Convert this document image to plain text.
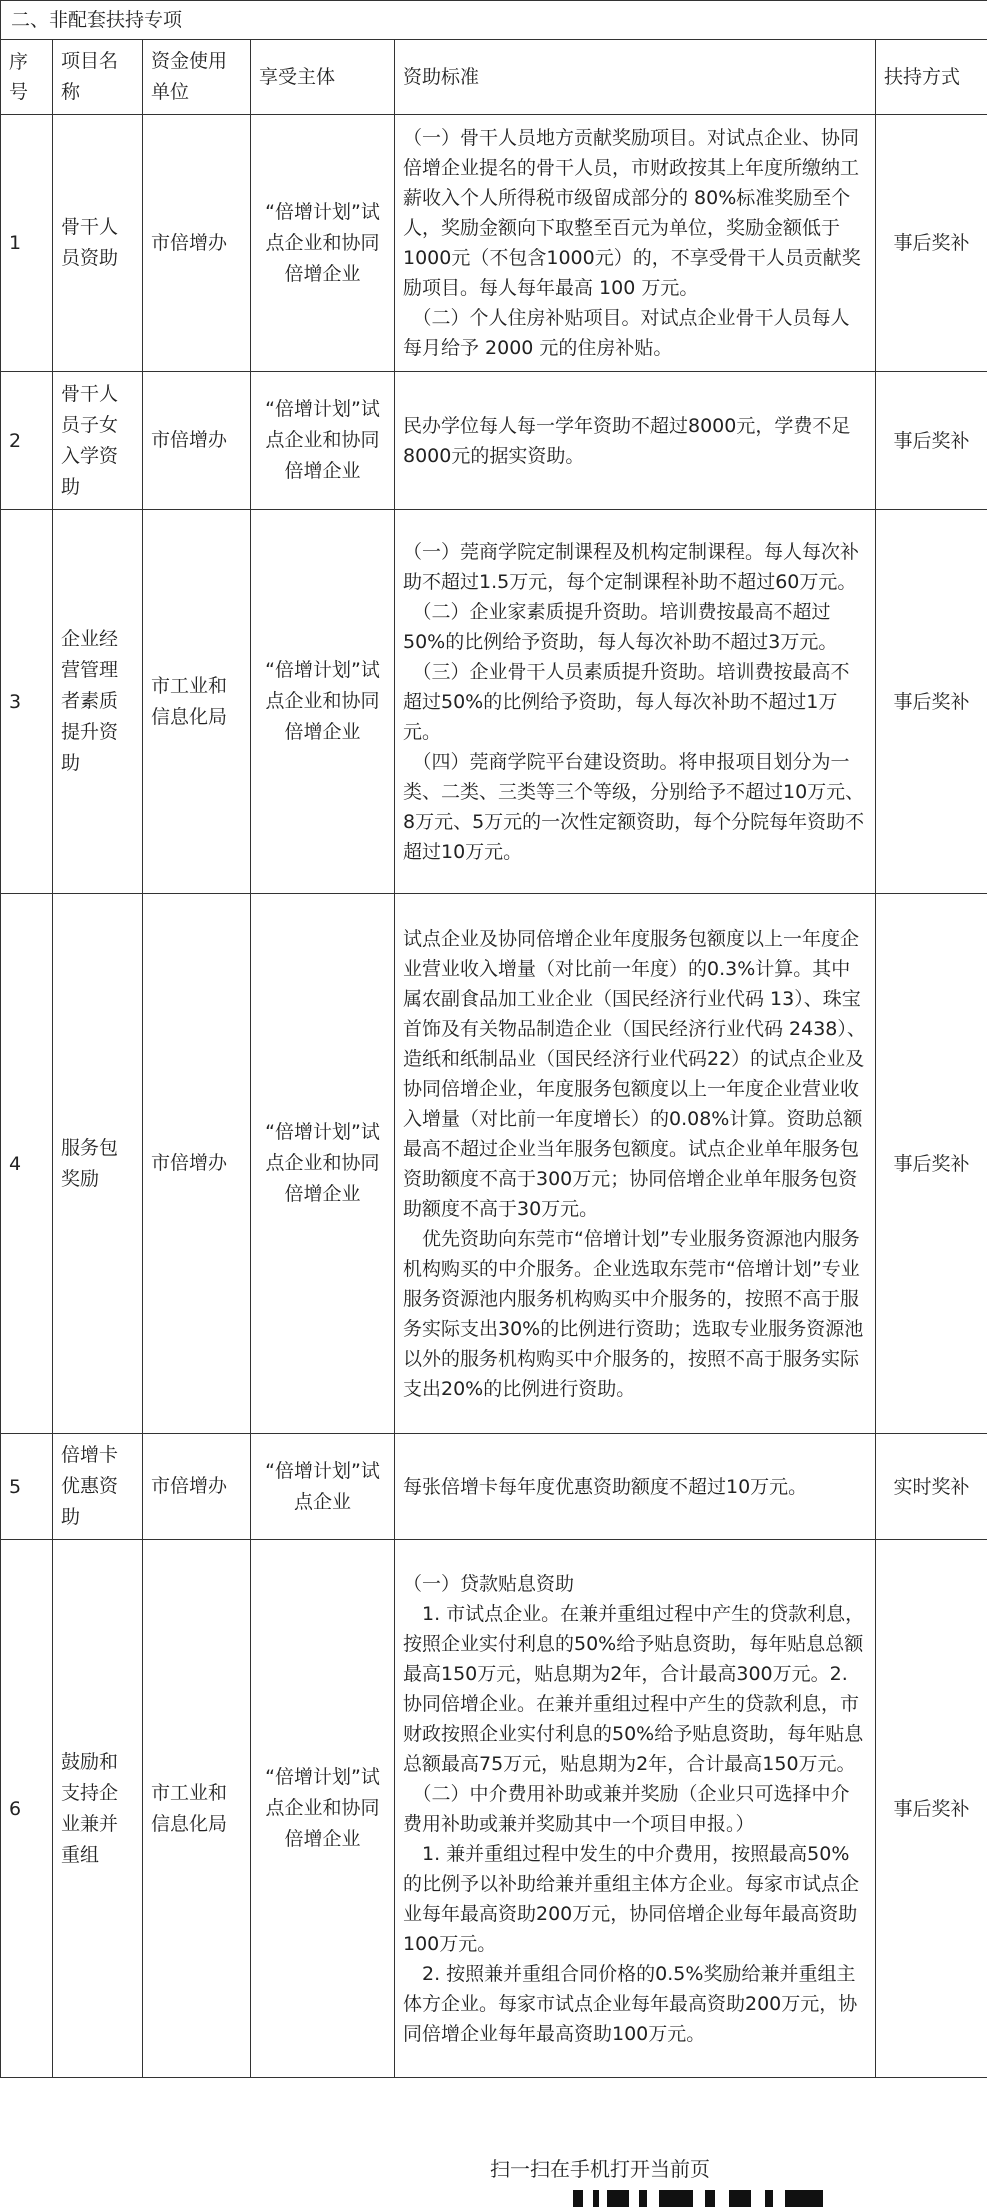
二、非配套扶持专项					
序号	项目名称	资金使用单位	享受主体	资助标准	扶持方式
1	骨干人员资助	市倍增办	“倍增计划”试点企业和协同倍增企业	（一）骨干人员地方贡献奖励项目。对试点企业、协同倍增企业提名的骨干人员，市财政按其上年度所缴纳工薪收入个人所得税市级留成部分的 80%标准奖励至个人，奖励金额向下取整至百元为单位，奖励金额低于1000元（不包含1000元）的，不享受骨干人员贡献奖励项目。每人每年最高 100 万元。
　（二）个人住房补贴项目。对试点企业骨干人员每人每月给予 2000 元的住房补贴。	事后奖补
2	骨干人员子女入学资助	市倍增办	“倍增计划”试点企业和协同倍增企业	民办学位每人每一学年资助不超过8000元，学费不足8000元的据实资助。	事后奖补
3	企业经营管理者素质提升资助	市工业和信息化局	“倍增计划”试点企业和协同倍增企业	（一）莞商学院定制课程及机构定制课程。每人每次补助不超过1.5万元，每个定制课程补助不超过60万元。
　（二）企业家素质提升资助。培训费按最高不超过50%的比例给予资助，每人每次补助不超过3万元。
　（三）企业骨干人员素质提升资助。培训费按最高不超过50%的比例给予资助，每人每次补助不超过1万元。
　（四）莞商学院平台建设资助。将申报项目划分为一类、二类、三类等三个等级，分别给予不超过10万元、8万元、5万元的一次性定额资助，每个分院每年资助不超过10万元。	事后奖补
4	服务包奖励	市倍增办	“倍增计划”试点企业和协同倍增企业	试点企业及协同倍增企业年度服务包额度以上一年度企业营业收入增量（对比前一年度）的0.3%计算。其中属农副食品加工业企业（国民经济行业代码 13）、珠宝首饰及有关物品制造企业（国民经济行业代码 2438）、造纸和纸制品业（国民经济行业代码22）的试点企业及协同倍增企业，年度服务包额度以上一年度企业营业收入增量（对比前一年度增长）的0.08%计算。资助总额最高不超过企业当年服务包额度。试点企业单年服务包资助额度不高于300万元；协同倍增企业单年服务包资助额度不高于30万元。
　优先资助向东莞市“倍增计划”专业服务资源池内服务机构购买的中介服务。企业选取东莞市“倍增计划”专业服务资源池内服务机构购买中介服务的，按照不高于服务实际支出30%的比例进行资助；选取专业服务资源池以外的服务机构购买中介服务的，按照不高于服务实际支出20%的比例进行资助。	事后奖补
5	倍增卡优惠资助	市倍增办	“倍增计划”试点企业	每张倍增卡每年度优惠资助额度不超过10万元。	实时奖补
6	鼓励和支持企业兼并重组	市工业和信息化局	“倍增计划”试点企业和协同倍增企业	（一）贷款贴息资助
　1. 市试点企业。在兼并重组过程中产生的贷款利息，按照企业实付利息的50%给予贴息资助，每年贴息总额最高150万元，贴息期为2年，合计最高300万元。2. 协同倍增企业。在兼并重组过程中产生的贷款利息，市财政按照企业实付利息的50%给予贴息资助，每年贴息总额最高75万元，贴息期为2年，合计最高150万元。
　（二）中介费用补助或兼并奖励（企业只可选择中介费用补助或兼并奖励其中一个项目申报。）
　1. 兼并重组过程中发生的中介费用，按照最高50%的比例予以补助给兼并重组主体方企业。每家市试点企业每年最高资助200万元，协同倍增企业每年最高资助100万元。
　2. 按照兼并重组合同价格的0.5%奖励给兼并重组主体方企业。每家市试点企业每年最高资助200万元，协同倍增企业每年最高资助100万元。	事后奖补
扫一扫在手机打开当前页
